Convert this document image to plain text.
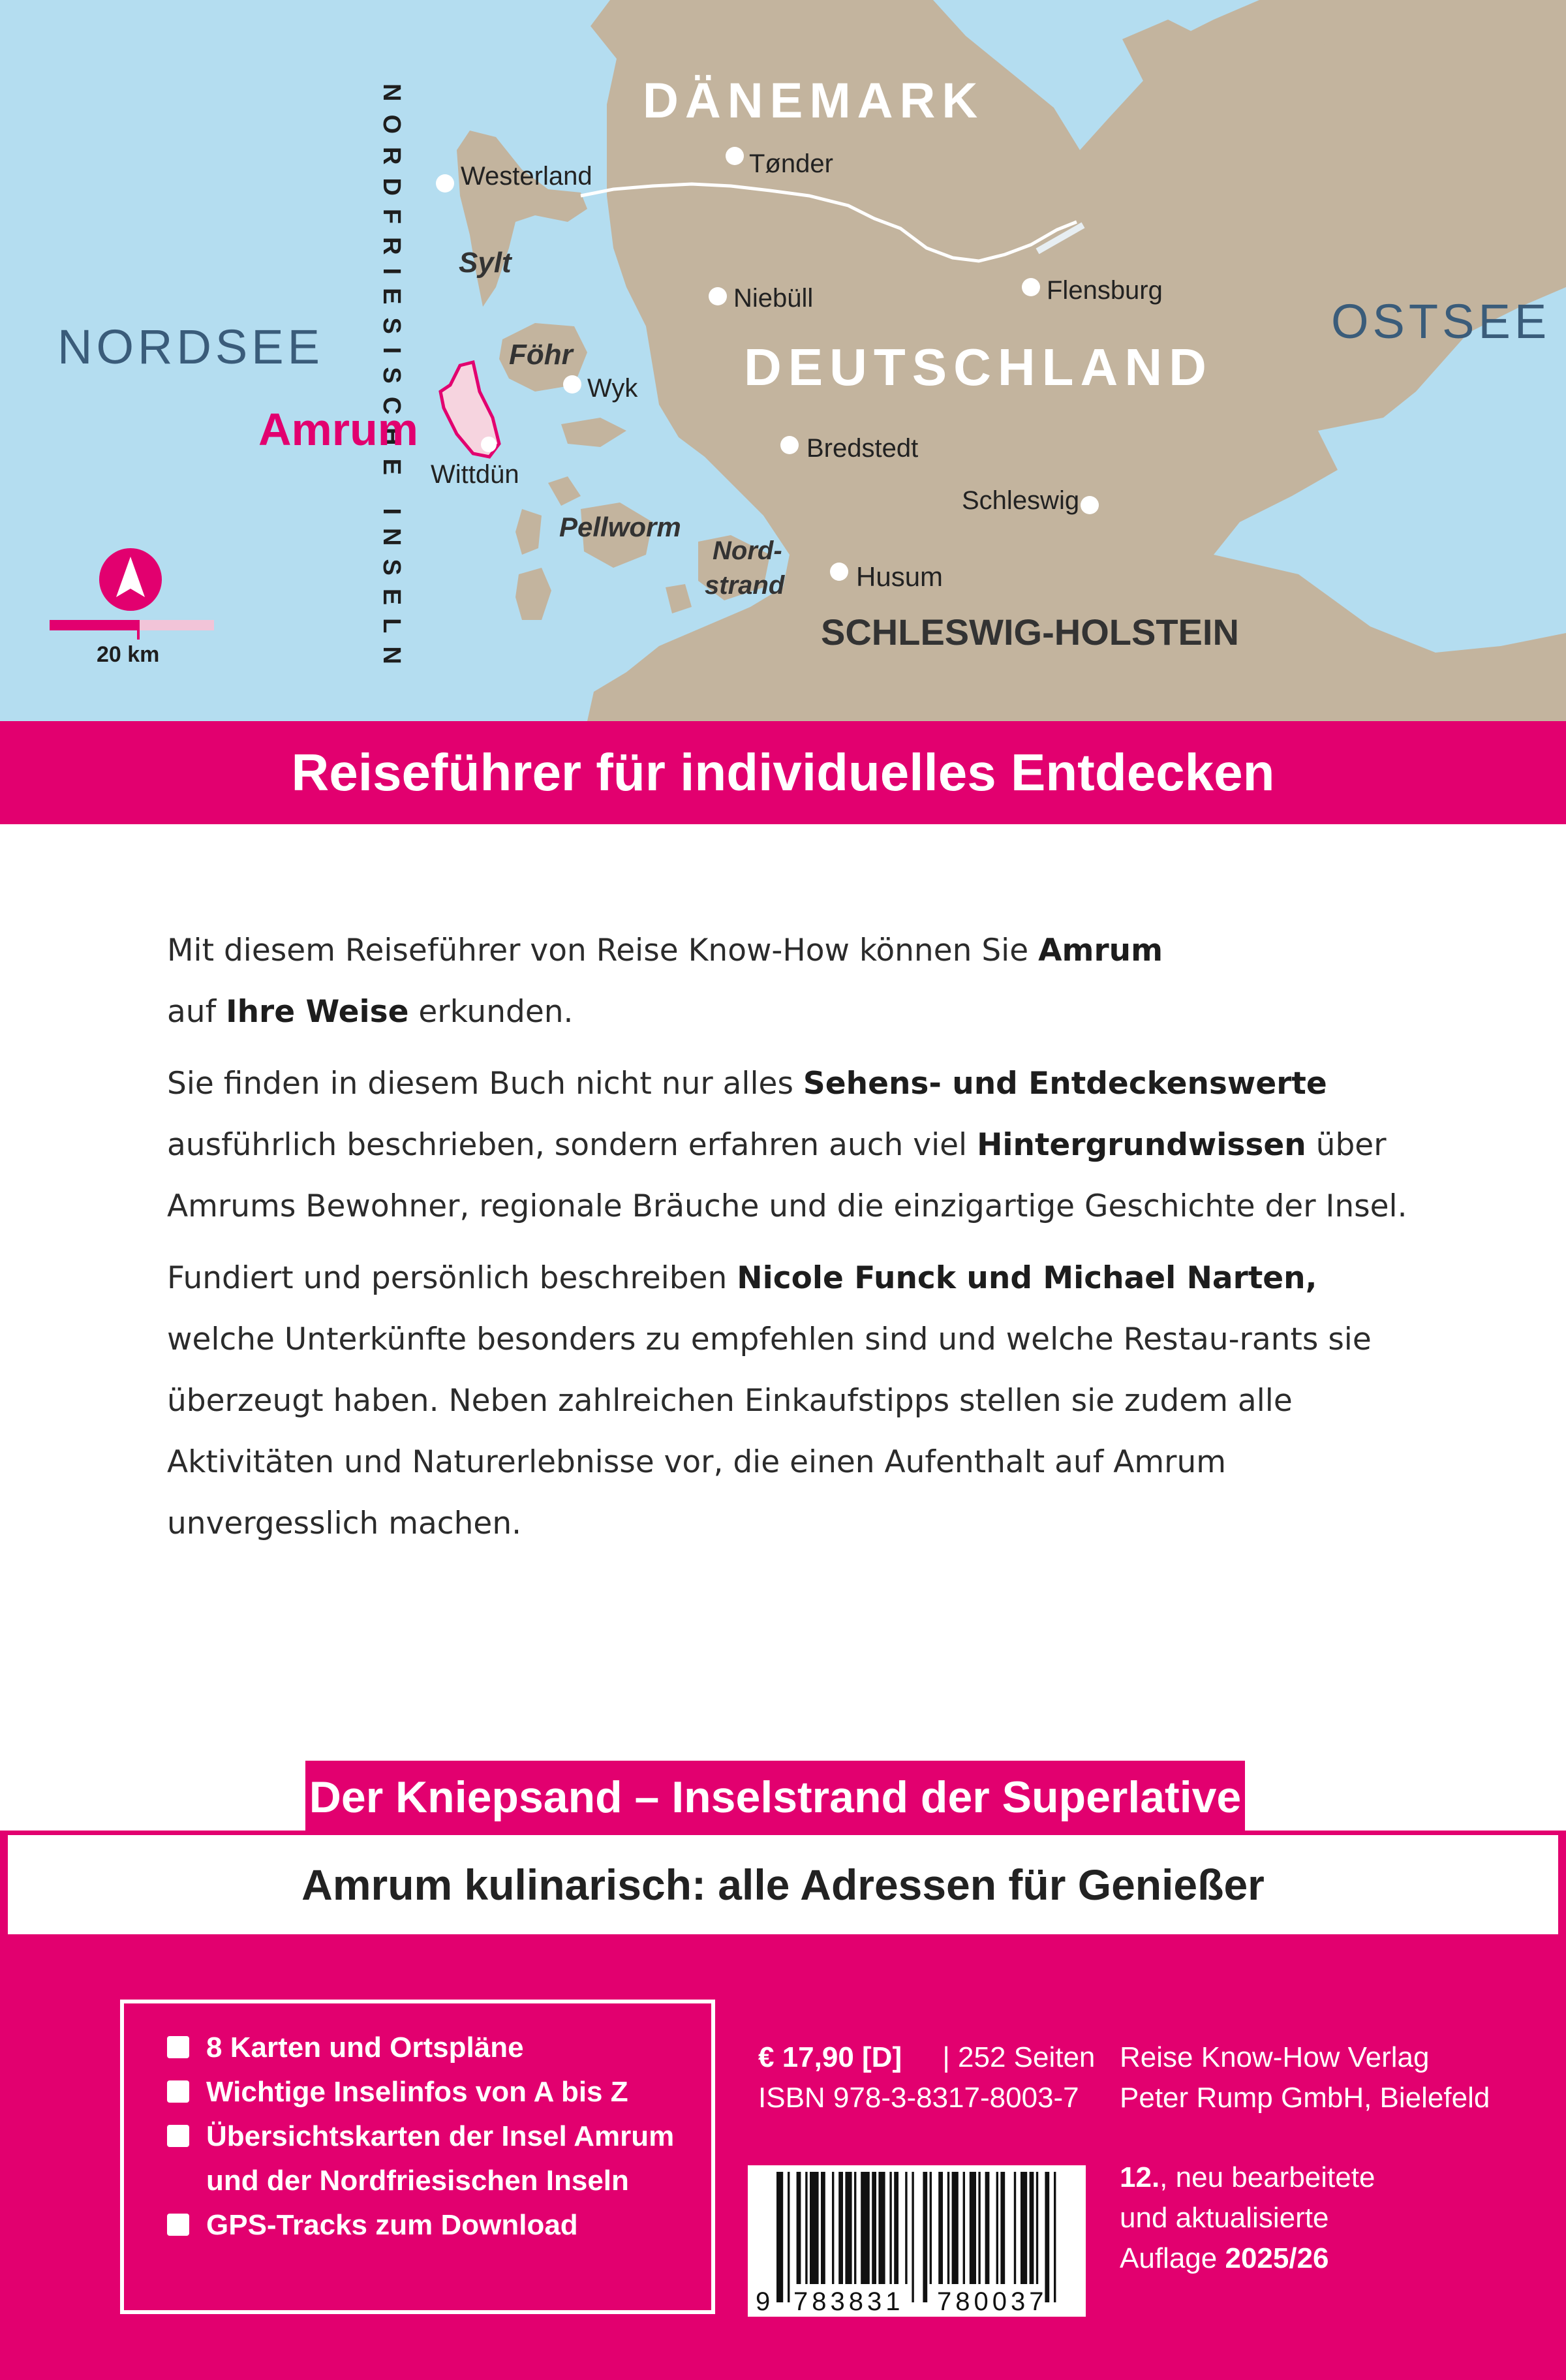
DÄNEMARK
DEUTSCHLAND
NORDSEE	OSTSEE
SCHLESWIG-HOLSTEIN
NORDFRIESISCHE INSELN
Amrum
Sylt
Föhr
Pellworm
Nord-
strand
Westerland	Tønder
Niebüll	Flensburg
Wyk
Wittdün
Bredstedt
Schleswig
Husum
20 km
Reiseführer für individuelles Entdecken

Mit diesem Reiseführer von Reise Know-How können Sie Amrum
auf Ihre Weise erkunden.

Sie finden in diesem Buch nicht nur alles Sehens- und Entdeckenswerte ausführlich beschrieben, sondern erfahren auch viel Hintergrundwissen über Amrums Bewohner, regionale Bräuche und die einzigartige Geschichte der Insel.

Fundiert und persönlich beschreiben Nicole Funck und Michael Narten, welche Unterkünfte besonders zu empfehlen sind und welche Restau-rants sie überzeugt haben. Neben zahlreichen Einkaufstipps stellen sie zudem alle Aktivitäten und Naturerlebnisse vor, die einen Aufenthalt auf Amrum unvergesslich machen.

Der Kniepsand – Inselstrand der Superlative
Amrum kulinarisch: alle Adressen für Genießer
8 Karten und Ortspläne
Wichtige Inselinfos von A bis Z
Übersichtskarten der Insel Amrum
und der Nordfriesischen Inseln
GPS-Tracks zum Download
€ 17,90 [D] | 252 Seiten
ISBN 978-3-8317-8003-7
Reise Know-How Verlag
Peter Rump GmbH, Bielefeld
12., neu bearbeitete
und aktualisierte
Auflage 2025/26
9 783831 780037
